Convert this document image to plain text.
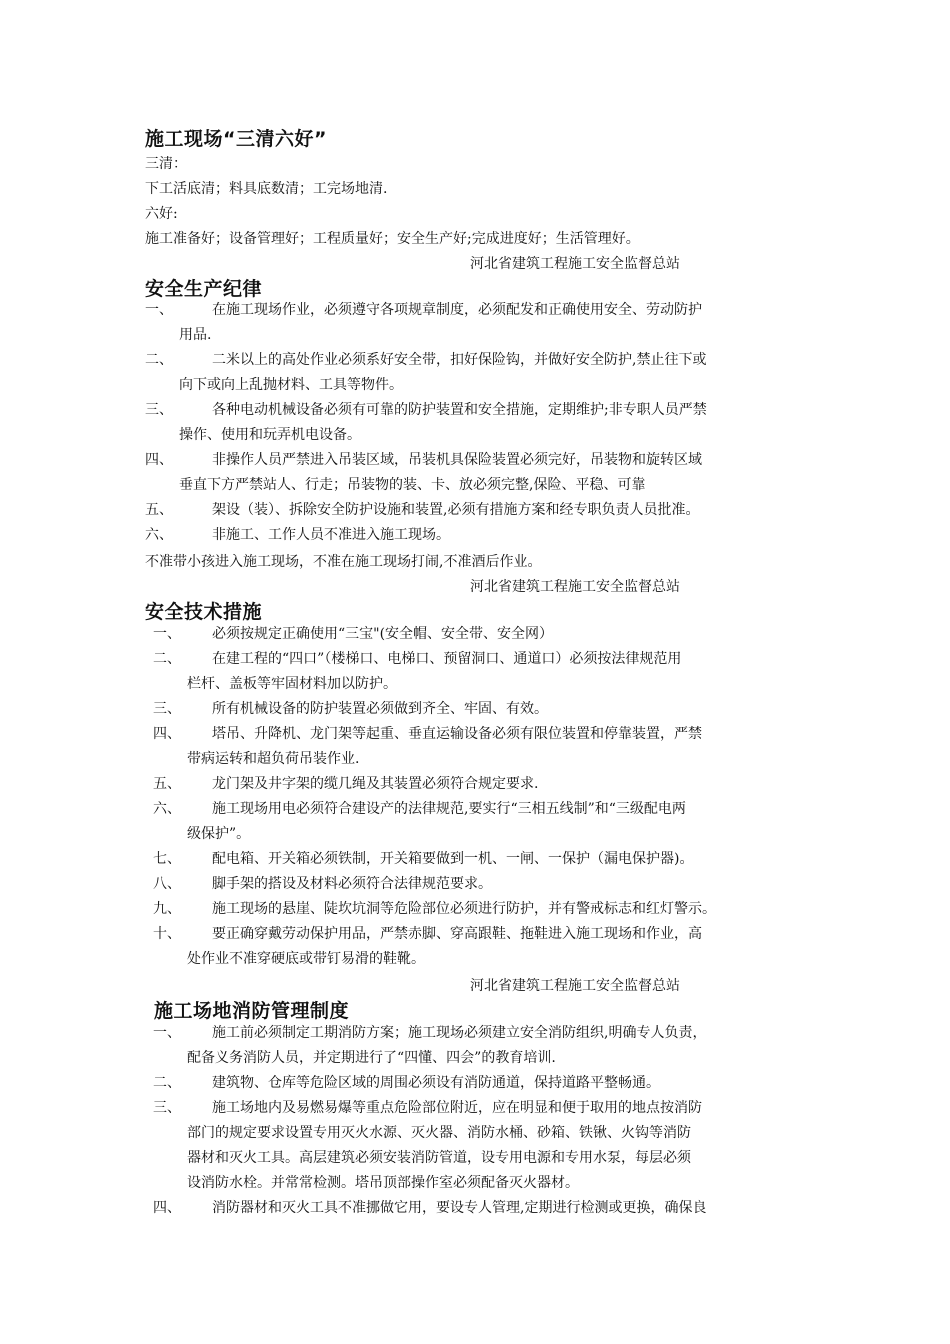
施工现场“三清六好”
三清：
下工活底清；料具底数清；工完场地清.
六好:
施工准备好；设备管理好；工程质量好；安全生产好;完成进度好；生活管理好。
河北省建筑工程施工安全监督总站
安全生产纪律
一、	在施工现场作业，必须遵守各项规章制度，必须配发和正确使用安全、劳动防护
用品.
二、	二米以上的高处作业必须系好安全带，扣好保险钩，并做好安全防护,禁止往下或
向下或向上乱抛材料、工具等物件。
三、	各种电动机械设备必须有可靠的防护装置和安全措施，定期维护;非专职人员严禁
操作、使用和玩弄机电设备。
四、	非操作人员严禁进入吊装区域，吊装机具保险装置必须完好，吊装物和旋转区域
垂直下方严禁站人、行走；吊装物的装、卡、放必须完整,保险、平稳、可靠
五、	架设（装）、拆除安全防护设施和装置,必须有措施方案和经专职负责人员批准。
六、	非施工、工作人员不准进入施工现场。
不准带小孩进入施工现场，不准在施工现场打闹,不准酒后作业。
河北省建筑工程施工安全监督总站
安全技术措施
一、 必须按规定正确使用“三宝"(安全帽、安全带、安全网）
二、 在建工程的“四口”（楼梯口、电梯口、预留洞口、通道口）必须按法律规范用
栏杆、盖板等牢固材料加以防护。
三、 所有机械设备的防护装置必须做到齐全、牢固、有效。
四、 塔吊、升降机、龙门架等起重、垂直运输设备必须有限位装置和停靠装置，严禁
带病运转和超负荷吊装作业.
五、 龙门架及井字架的缆几绳及其装置必须符合规定要求.
六、 施工现场用电必须符合建设产的法律规范,要实行“三相五线制”和“三级配电两
级保护”。
七、 配电箱、开关箱必须铁制，开关箱要做到一机、一闸、一保护（漏电保护器)。
八、 脚手架的搭设及材料必须符合法律规范要求。
九、 施工现场的悬崖、陡坎坑洞等危险部位必须进行防护，并有警戒标志和红灯警示。
十、 要正确穿戴劳动保护用品，严禁赤脚、穿高跟鞋、拖鞋进入施工现场和作业，高
处作业不准穿硬底或带钉易滑的鞋靴。
河北省建筑工程施工安全监督总站
施工场地消防管理制度
一、 施工前必须制定工期消防方案；施工现场必须建立安全消防组织,明确专人负责，
配备义务消防人员，并定期进行了“四懂、四会”的教育培训.
二、 建筑物、仓库等危险区域的周围必须设有消防通道，保持道路平整畅通。
三、 施工场地内及易燃易爆等重点危险部位附近，应在明显和便于取用的地点按消防
部门的规定要求设置专用灭火水源、灭火器、消防水桶、砂箱、铁锹、火钩等消防
器材和灭火工具。高层建筑必须安装消防管道，设专用电源和专用水泵，每层必须
设消防水栓。并常常检测。塔吊顶部操作室必须配备灭火器材。
四、 消防器材和灭火工具不准挪做它用，要设专人管理,定期进行检测或更换，确保良
